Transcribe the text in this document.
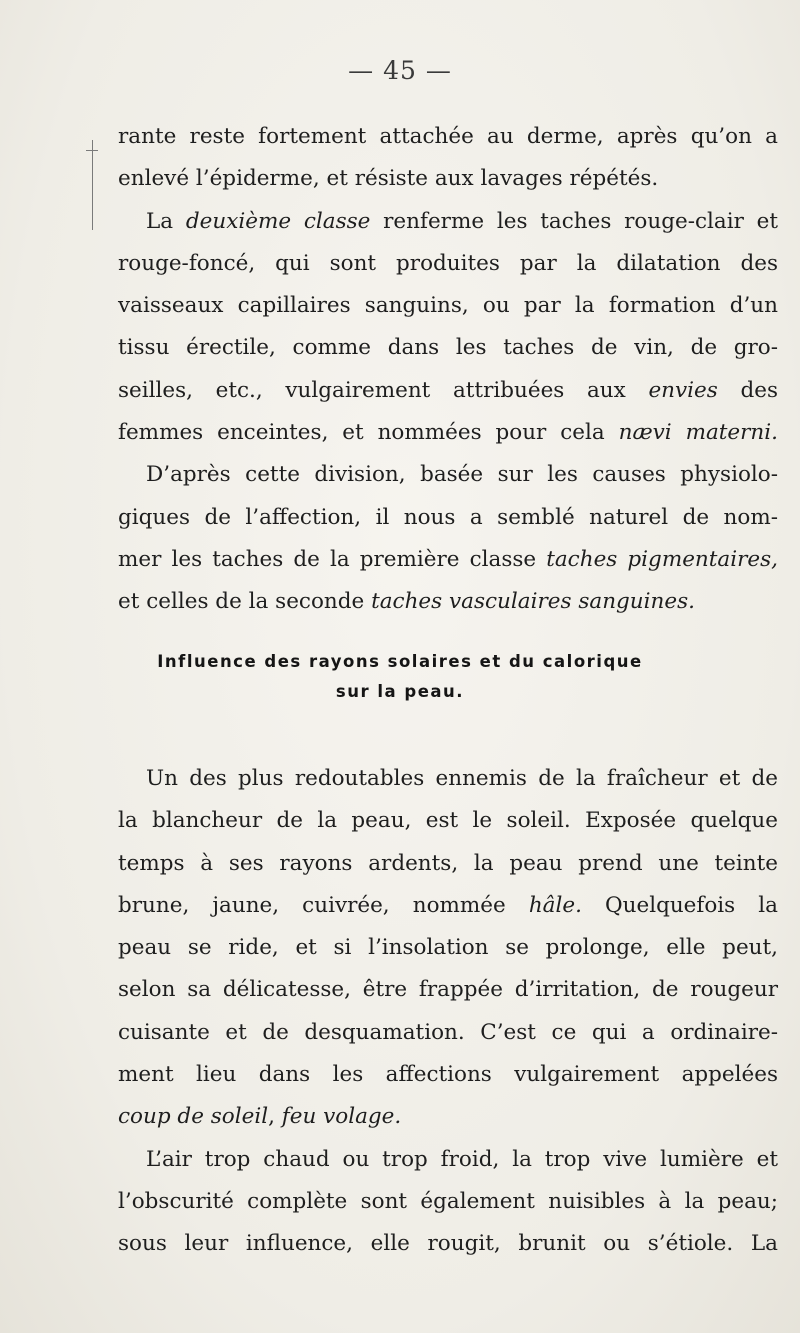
— 45 —

rante reste fortement attachée au derme, après qu’on a
enlevé l’épiderme, et résiste aux lavages répétés.

La deuxième classe renferme les taches rouge-clair et
rouge-foncé, qui sont produites par la dilatation des
vaisseaux capillaires sanguins, ou par la formation d’un
tissu érectile, comme dans les taches de vin, de gro-
seilles, etc., vulgairement attribuées aux envies des
femmes enceintes, et nommées pour cela nævi materni.

D’après cette division, basée sur les causes physiolo-
giques de l’affection, il nous a semblé naturel de nom-
mer les taches de la première classe taches pigmentaires,
et celles de la seconde taches vasculaires sanguines.

Influence des rayons solaires et du calorique
sur la peau.

Un des plus redoutables ennemis de la fraîcheur et de
la blancheur de la peau, est le soleil. Exposée quelque
temps à ses rayons ardents, la peau prend une teinte
brune, jaune, cuivrée, nommée hâle. Quelquefois la
peau se ride, et si l’insolation se prolonge, elle peut,
selon sa délicatesse, être frappée d’irritation, de rougeur
cuisante et de desquamation. C’est ce qui a ordinaire-
ment lieu dans les affections vulgairement appelées
coup de soleil, feu volage.

L’air trop chaud ou trop froid, la trop vive lumière et
l’obscurité complète sont également nuisibles à la peau;
sous leur influence, elle rougit, brunit ou s’étiole. La
